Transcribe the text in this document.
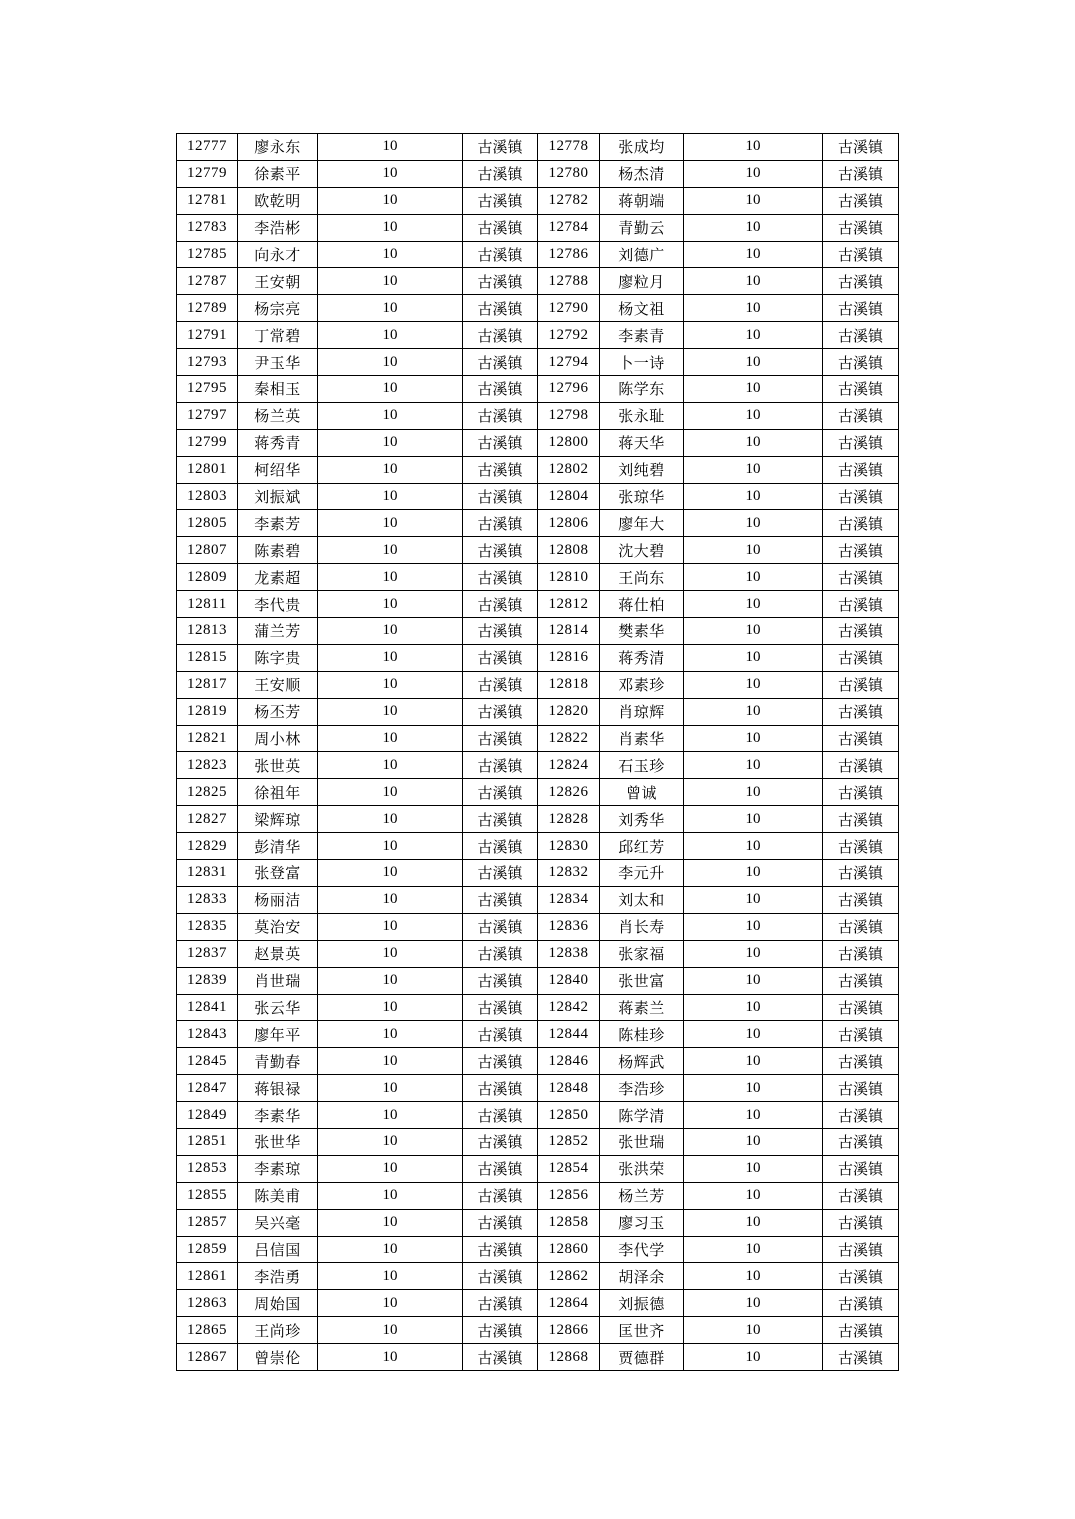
12777	廖永东	10	古溪镇	12778	张成均	10	古溪镇
12779	徐素平	10	古溪镇	12780	杨杰清	10	古溪镇
12781	欧乾明	10	古溪镇	12782	蒋朝端	10	古溪镇
12783	李浩彬	10	古溪镇	12784	青勤云	10	古溪镇
12785	向永才	10	古溪镇	12786	刘德广	10	古溪镇
12787	王安朝	10	古溪镇	12788	廖粒月	10	古溪镇
12789	杨宗亮	10	古溪镇	12790	杨文祖	10	古溪镇
12791	丁常碧	10	古溪镇	12792	李素青	10	古溪镇
12793	尹玉华	10	古溪镇	12794	卜一诗	10	古溪镇
12795	秦相玉	10	古溪镇	12796	陈学东	10	古溪镇
12797	杨兰英	10	古溪镇	12798	张永耻	10	古溪镇
12799	蒋秀青	10	古溪镇	12800	蒋天华	10	古溪镇
12801	柯绍华	10	古溪镇	12802	刘纯碧	10	古溪镇
12803	刘振斌	10	古溪镇	12804	张琼华	10	古溪镇
12805	李素芳	10	古溪镇	12806	廖年大	10	古溪镇
12807	陈素碧	10	古溪镇	12808	沈大碧	10	古溪镇
12809	龙素超	10	古溪镇	12810	王尚东	10	古溪镇
12811	李代贵	10	古溪镇	12812	蒋仕柏	10	古溪镇
12813	蒲兰芳	10	古溪镇	12814	樊素华	10	古溪镇
12815	陈字贵	10	古溪镇	12816	蒋秀清	10	古溪镇
12817	王安顺	10	古溪镇	12818	邓素珍	10	古溪镇
12819	杨丕芳	10	古溪镇	12820	肖琼辉	10	古溪镇
12821	周小林	10	古溪镇	12822	肖素华	10	古溪镇
12823	张世英	10	古溪镇	12824	石玉珍	10	古溪镇
12825	徐祖年	10	古溪镇	12826	曾诚	10	古溪镇
12827	梁辉琼	10	古溪镇	12828	刘秀华	10	古溪镇
12829	彭清华	10	古溪镇	12830	邱红芳	10	古溪镇
12831	张登富	10	古溪镇	12832	李元升	10	古溪镇
12833	杨丽洁	10	古溪镇	12834	刘太和	10	古溪镇
12835	莫治安	10	古溪镇	12836	肖长寿	10	古溪镇
12837	赵景英	10	古溪镇	12838	张家福	10	古溪镇
12839	肖世瑞	10	古溪镇	12840	张世富	10	古溪镇
12841	张云华	10	古溪镇	12842	蒋素兰	10	古溪镇
12843	廖年平	10	古溪镇	12844	陈桂珍	10	古溪镇
12845	青勤春	10	古溪镇	12846	杨辉武	10	古溪镇
12847	蒋银禄	10	古溪镇	12848	李浩珍	10	古溪镇
12849	李素华	10	古溪镇	12850	陈学清	10	古溪镇
12851	张世华	10	古溪镇	12852	张世瑞	10	古溪镇
12853	李素琼	10	古溪镇	12854	张洪荣	10	古溪镇
12855	陈美甫	10	古溪镇	12856	杨兰芳	10	古溪镇
12857	吴兴毫	10	古溪镇	12858	廖习玉	10	古溪镇
12859	吕信国	10	古溪镇	12860	李代学	10	古溪镇
12861	李浩勇	10	古溪镇	12862	胡泽余	10	古溪镇
12863	周始国	10	古溪镇	12864	刘振德	10	古溪镇
12865	王尚珍	10	古溪镇	12866	匡世齐	10	古溪镇
12867	曾崇伦	10	古溪镇	12868	贾德群	10	古溪镇
